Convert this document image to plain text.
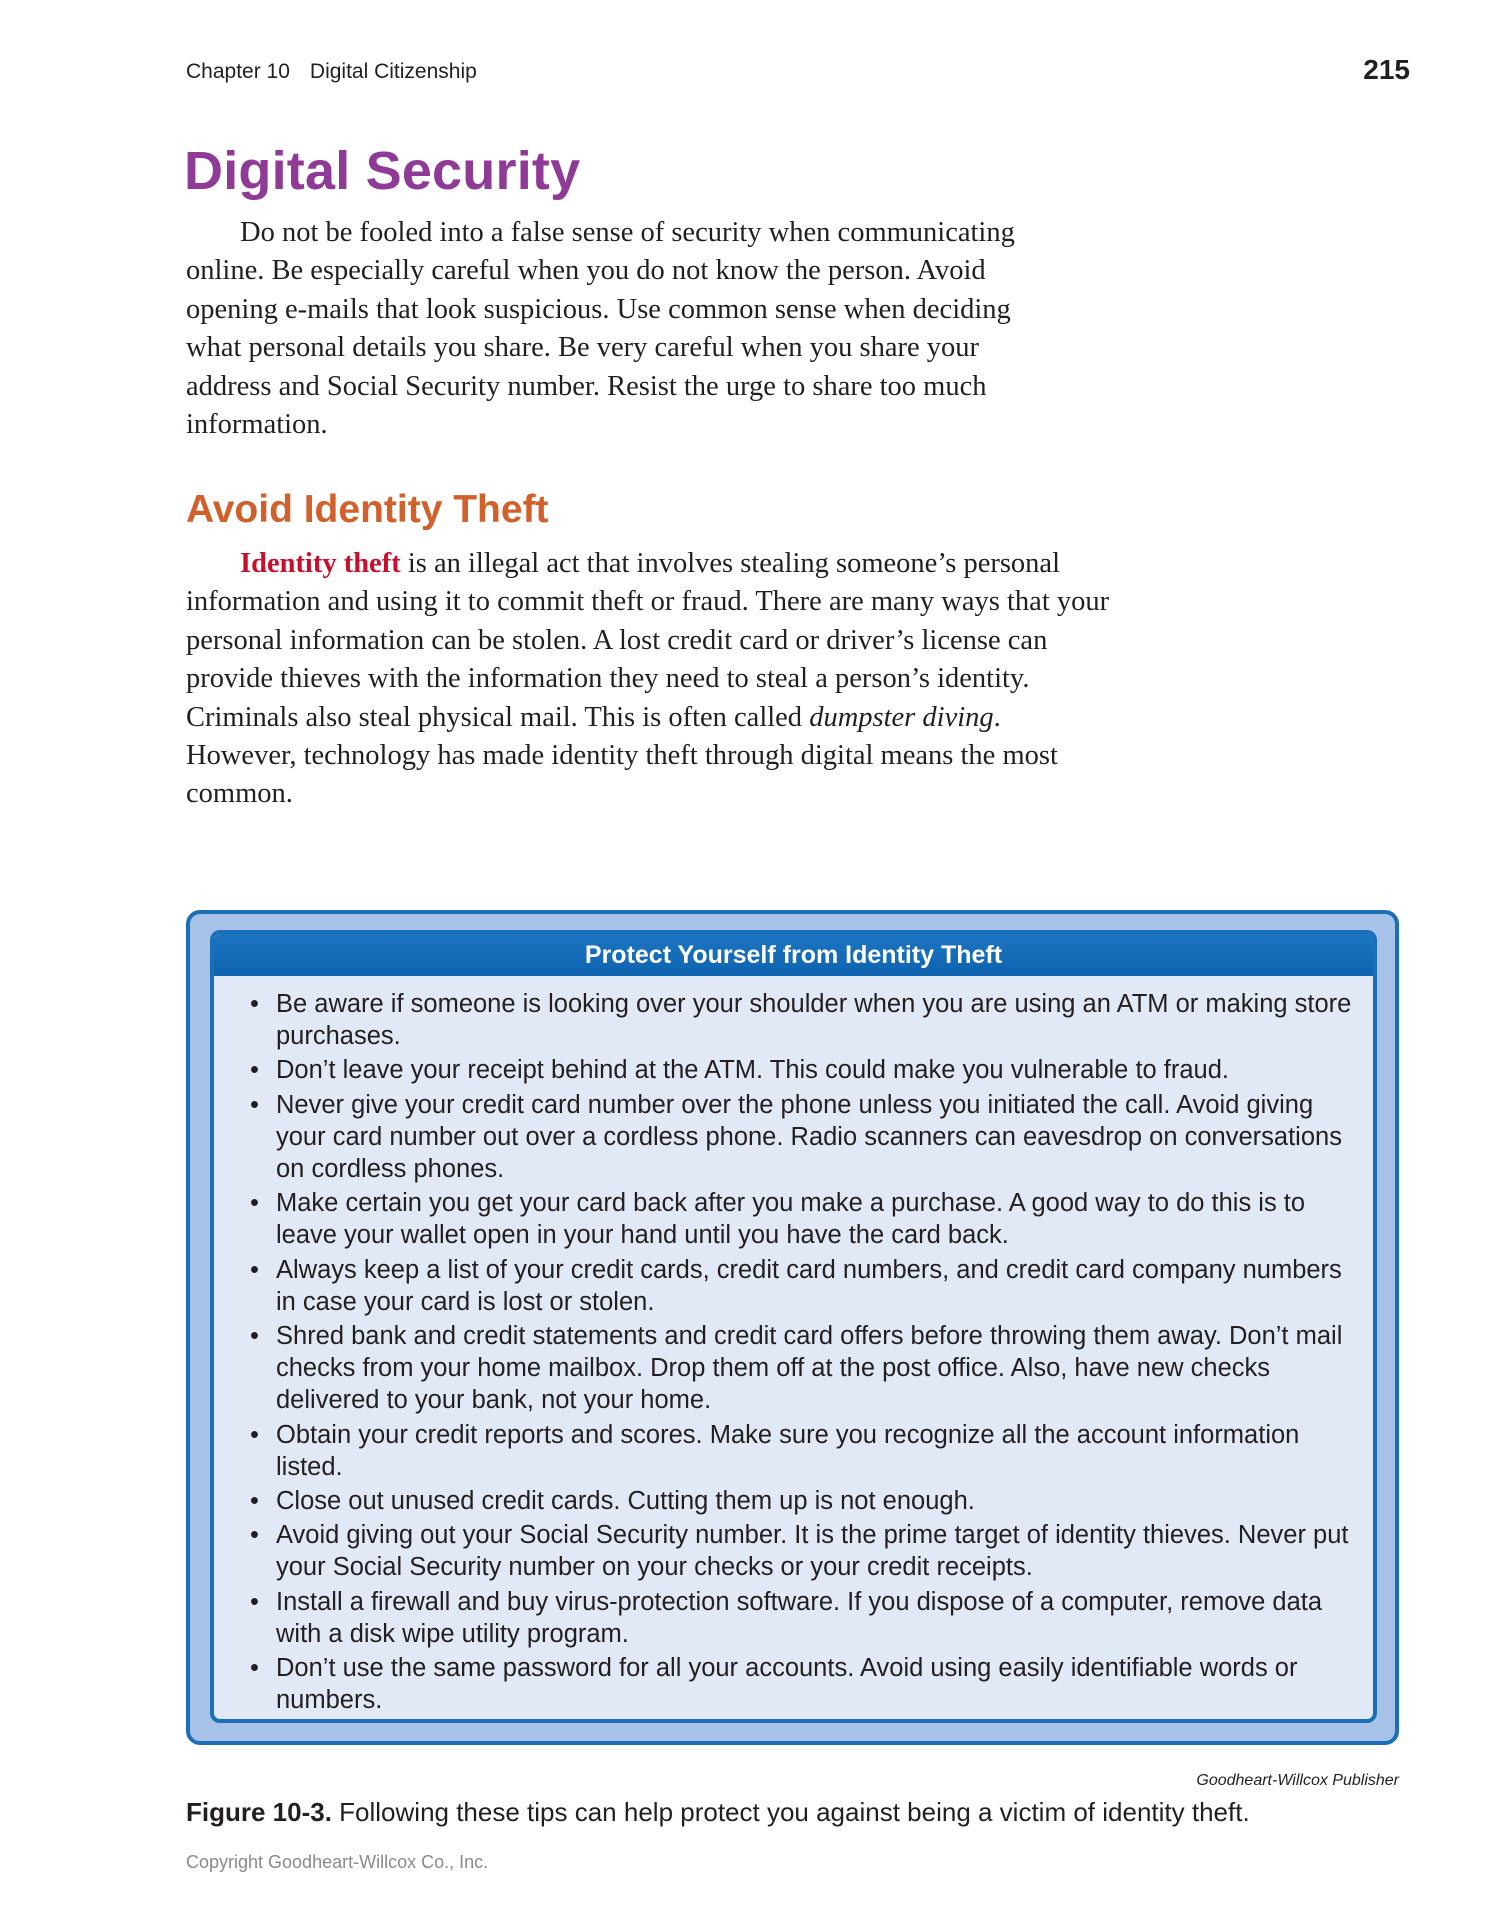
Chapter 10 Digital Citizenship	215
Digital Security

Do not be fooled into a false sense of security when communicating online. Be especially careful when you do not know the person. Avoid opening e-mails that look suspicious. Use common sense when deciding what personal details you share. Be very careful when you share your address and Social Security number. Resist the urge to share too much information.

Avoid Identity Theft

Identity theft is an illegal act that involves stealing someone’s personal information and using it to commit theft or fraud. There are many ways that your personal information can be stolen. A lost credit card or driver’s license can provide thieves with the information they need to steal a person’s identity. Criminals also steal physical mail. This is often called dumpster diving. However, technology has made identity theft through digital means the most common.

Protect Yourself from Identity Theft
• Be aware if someone is looking over your shoulder when you are using an ATM or making store purchases.
• Don’t leave your receipt behind at the ATM. This could make you vulnerable to fraud.
• Never give your credit card number over the phone unless you initiated the call. Avoid giving your card number out over a cordless phone. Radio scanners can eavesdrop on conversations on cordless phones.
• Make certain you get your card back after you make a purchase. A good way to do this is to leave your wallet open in your hand until you have the card back.
• Always keep a list of your credit cards, credit card numbers, and credit card company numbers in case your card is lost or stolen.
• Shred bank and credit statements and credit card offers before throwing them away. Don’t mail checks from your home mailbox. Drop them off at the post office. Also, have new checks delivered to your bank, not your home.
• Obtain your credit reports and scores. Make sure you recognize all the account information listed.
• Close out unused credit cards. Cutting them up is not enough.
• Avoid giving out your Social Security number. It is the prime target of identity thieves. Never put your Social Security number on your checks or your credit receipts.
• Install a firewall and buy virus-protection software. If you dispose of a computer, remove data with a disk wipe utility program.
• Don’t use the same password for all your accounts. Avoid using easily identifiable words or numbers.
Goodheart-Willcox Publisher
Figure 10-3. Following these tips can help protect you against being a victim of identity theft.
Copyright Goodheart-Willcox Co., Inc.
